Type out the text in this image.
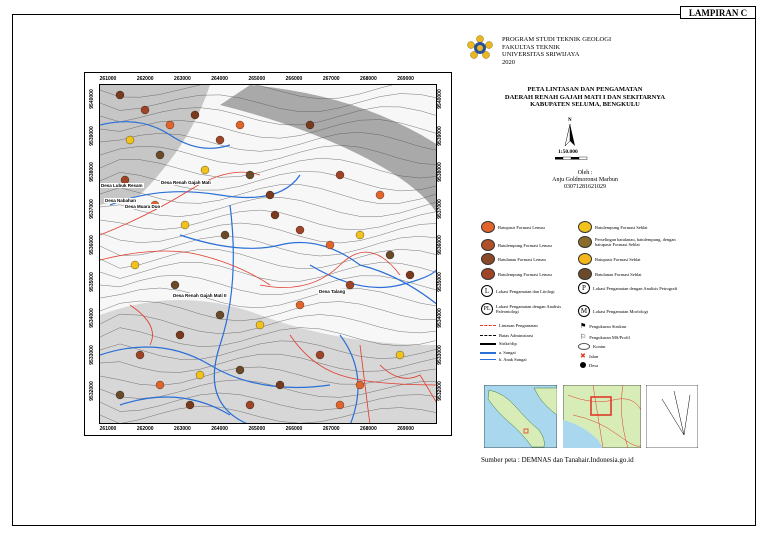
LAMPIRAN C
261000	262000	263000	264000	265000	266000	267000	268000	269000
261000	262000	263000	264000	265000	266000	267000	268000	269000
9540000
9539000
9538000
9537000
9536000
9535000
9534000
9533000
9532000
9540000
9539000
9538000
9537000
9536000
9535000
9534000
9533000
9532000
Desa Renah Gajah Mati
Desa Lubuk Resam
Desa Nabahan
Desa Muara Duo
Desa Renah Gajah Mati II
Desa Talang
PROGRAM STUDI TEKNIK GEOLOGI
FAKULTAS TEKNIK
UNIVERSITAS SRIWIJAYA
2020
PETA LINTASAN DAN PENGAMATAN
DAERAH RENAH GAJAH MATI I DAN SEKITARNYA
KABUPATEN SELUMA, BENGKULU
N
1:50.000
Oleh :
Anju Goldmoronst Marbun
03071281621029
Batupasir Formasi Lemau
Batulempung Formasi Lemau
Batulanau Formasi Lemau
Batulempung Formasi Lemau
Batulempung Formasi Seblat
Perselingan batulanau, batulempung, dengan batupasir Formasi Seblat
Batupasir Formasi Seblat
Batulanau Formasi Seblat
L	Lokasi Pengamatan dan Litologi	P	Lokasi Pengamatan dengan Analisis Petrografi
PL	Lokasi Pengamatan dengan Analisis Paleontologi	M	Lokasi Pengamatan Morfologi
Lintasan Pengamatan
Batas Administrasi
Strike/dip
a. Sungai
b. Anak Sungai
⚑ Pengukuran Struktur
⚐ Pengukuran MS/Profil
Kontur
✖ Jalan
Desa
Sumber peta : DEMNAS dan Tanahair.Indonesia.go.id
